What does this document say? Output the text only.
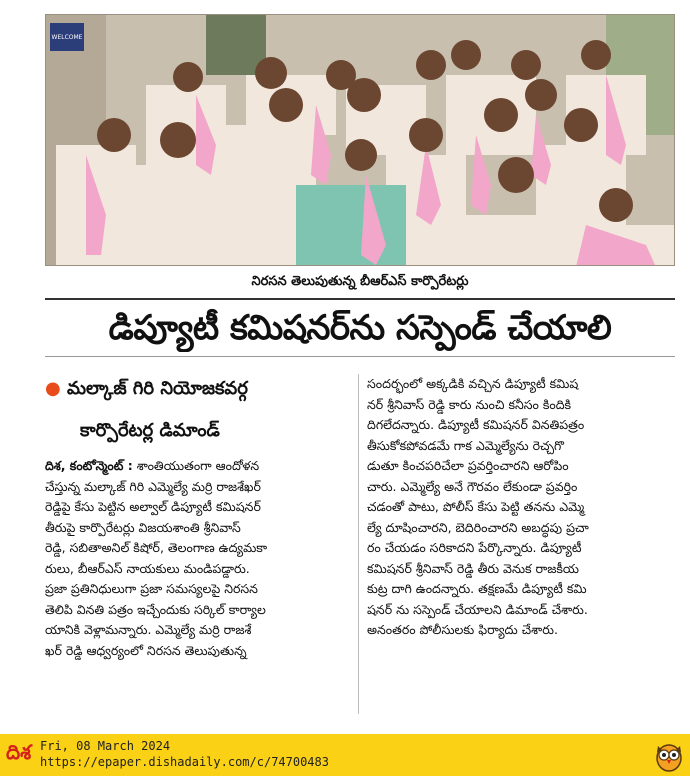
WELCOME
నిరసన తెలుపుతున్న బీఆర్ఎస్ కార్పొరేటర్లు
డిప్యూటీ కమిషనర్‌ను సస్పెండ్ చేయాలి
● మల్కాజ్ గిరి నియోజకవర్గ
కార్పొరేటర్ల డిమాండ్
దిశ, కంటోన్మెంట్ : శాంతియుతంగా ఆందోళన
చేస్తున్న మల్కాజ్ గిరి ఎమ్మెల్యే మర్రి రాజశేఖర్
రెడ్డిపై కేసు పెట్టిన అల్వాల్ డిప్యూటీ కమిషనర్
తీరుపై కార్పొరేటర్లు విజయశాంతి శ్రీనివాస్
రెడ్డి, సబితాఅనిల్ కిషోర్, తెలంగాణ ఉద్యమకా
రులు, బీఆర్ఎస్ నాయకులు మండిపడ్డారు.
ప్రజా ప్రతినిధులుగా ప్రజా సమస్యలపై నిరసన
తెలిపి వినతి పత్రం ఇచ్చేందుకు సర్కిల్ కార్యాల
యానికి వెళ్లామన్నారు. ఎమ్మెల్యే మర్రి రాజశే
ఖర్ రెడ్డి ఆధ్వర్యంలో నిరసన తెలుపుతున్న
సందర్భంలో అక్కడికి వచ్చిన డిప్యూటీ కమిష
నర్ శ్రీనివాస్ రెడ్డి కారు నుంచి కనీసం కిందికి
దిగలేదన్నారు. డిప్యూటీ కమిషనర్ వినతిపత్రం
తీసుకోకపోవడమే గాక ఎమ్మెల్యేను రెచ్చగొ
డుతూ కించపరిచేలా ప్రవర్తించారని ఆరోపిం
చారు. ఎమ్మెల్యే అనే గౌరవం లేకుండా ప్రవర్తిం
చడంతో పాటు, పోలీస్ కేసు పెట్టి తనను ఎమ్మె
ల్యే దూషించారని, బెదిరించారని అబద్ధపు ప్రచా
రం చేయడం సరికాదని పేర్కొన్నారు. డిప్యూటీ
కమిషనర్ శ్రీనివాస్ రెడ్డి తీరు వెనుక రాజకీయ
కుట్ర దాగి ఉందన్నారు. తక్షణమే డిప్యూటీ కమి
షనర్ ను సస్పెండ్ చేయాలని డిమాండ్ చేశారు.
అనంతరం పోలీసులకు ఫిర్యాదు చేశారు.
దిశ Fri, 08 March 2024
https://epaper.dishadaily.com/c/74700483
